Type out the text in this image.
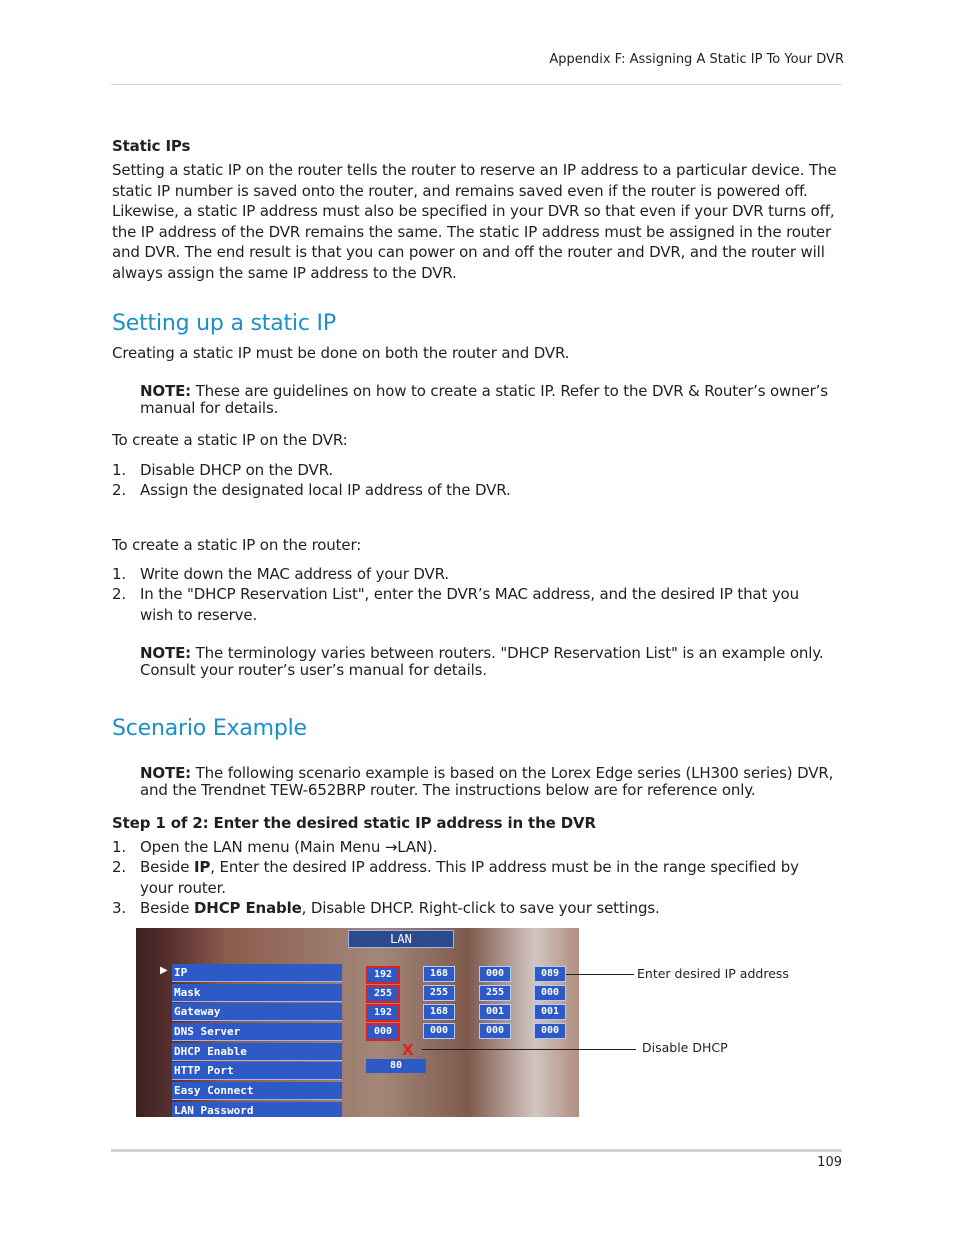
Appendix F: Assigning A Static IP To Your DVR
Static IPs
Setting a static IP on the router tells the router to reserve an IP address to a particular device. The
static IP number is saved onto the router, and remains saved even if the router is powered off.
Likewise, a static IP address must also be specified in your DVR so that even if your DVR turns off,
the IP address of the DVR remains the same. The static IP address must be assigned in the router
and DVR. The end result is that you can power on and off the router and DVR, and the router will
always assign the same IP address to the DVR.
Setting up a static IP
Creating a static IP must be done on both the router and DVR.
NOTE: These are guidelines on how to create a static IP. Refer to the DVR & Router’s owner’s
manual for details.
To create a static IP on the DVR:
1. Disable DHCP on the DVR.
2. Assign the designated local IP address of the DVR.
To create a static IP on the router:
1. Write down the MAC address of your DVR.
2. In the "DHCP Reservation List", enter the DVR’s MAC address, and the desired IP that you
wish to reserve.
NOTE: The terminology varies between routers. "DHCP Reservation List" is an example only.
Consult your router’s user’s manual for details.
Scenario Example
NOTE: The following scenario example is based on the Lorex Edge series (LH300 series) DVR,
and the Trendnet TEW-652BRP router. The instructions below are for reference only.
Step 1 of 2: Enter the desired static IP address in the DVR
1. Open the LAN menu (Main Menu →LAN).
2. Beside IP, Enter the desired IP address. This IP address must be in the range specified by
your router.
3. Beside DHCP Enable, Disable DHCP. Right-click to save your settings.
LAN
▶ IP
Mask
Gateway
DNS Server
DHCP Enable
HTTP Port
Easy Connect
LAN Password
192	168	000	089
255	255	255	000
192	168	001	001
000	000	000	000
X
80
Enter desired IP address
Disable DHCP
109
